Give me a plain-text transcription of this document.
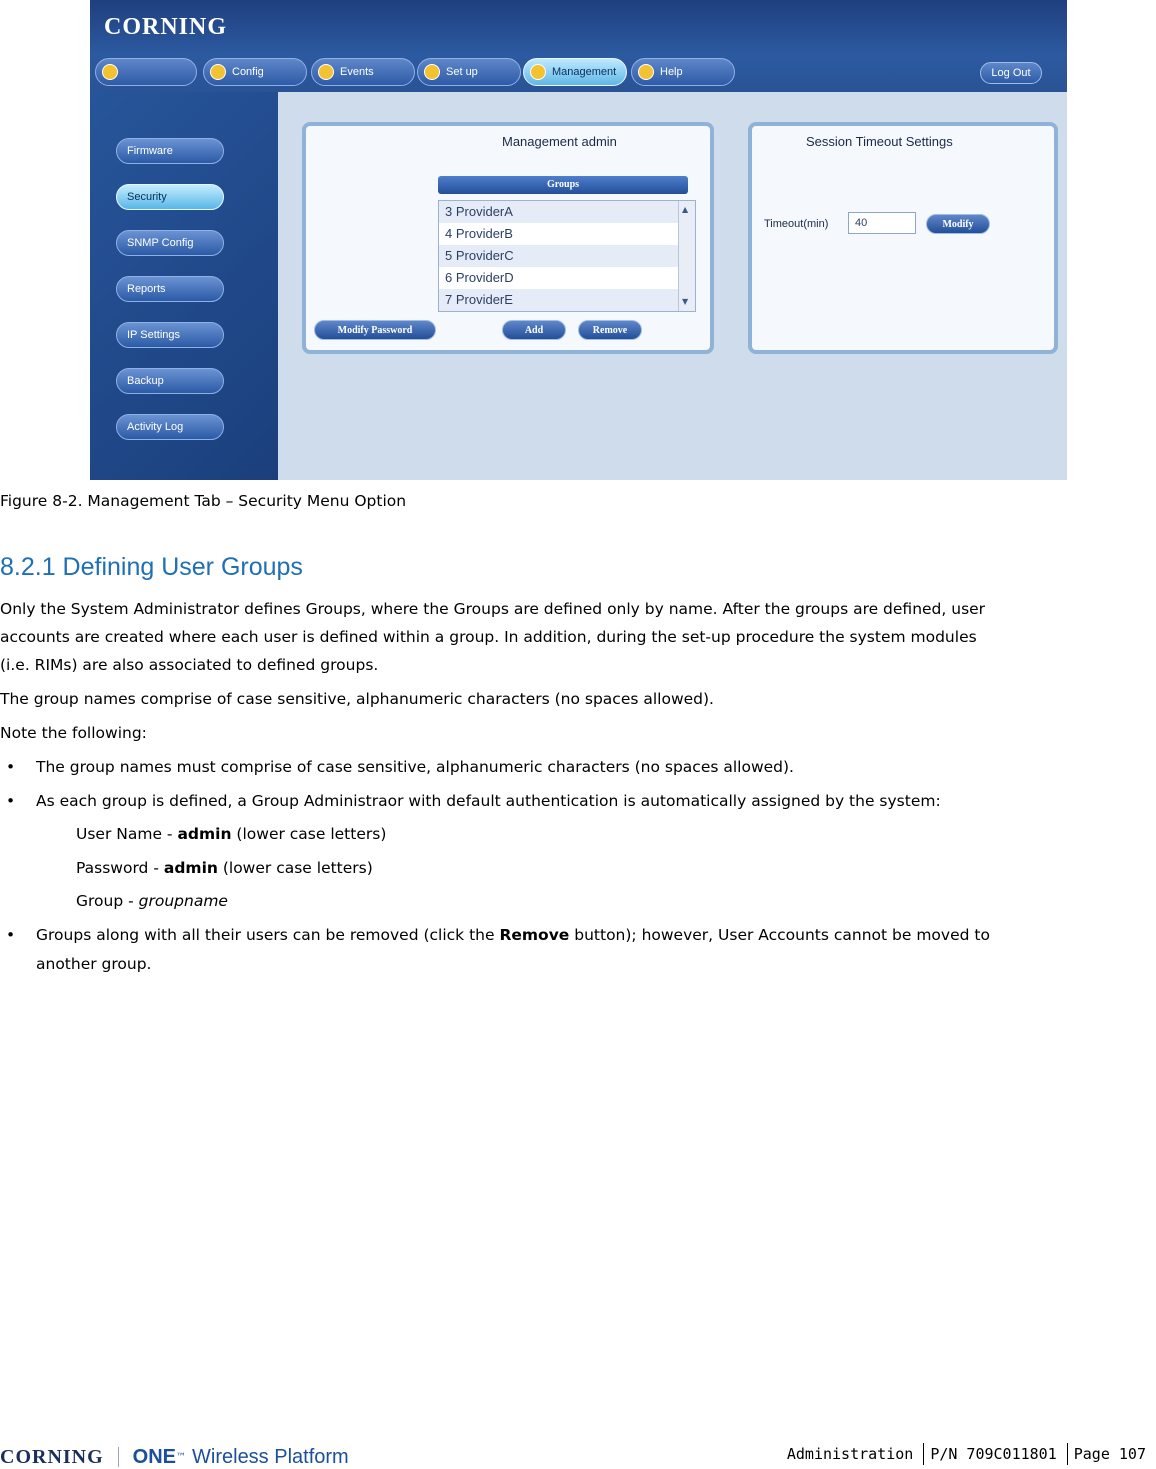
CORNING
Config	Events	Set up	Management	Help	Log Out
Firmware
Security
SNMP Config
Reports
IP Settings
Backup
Activity Log
Management admin
Groups
3 ProviderA
4 ProviderB
5 ProviderC
6 ProviderD
7 ProviderE
▲
▼
Modify Password	Add	Remove
Session Timeout Settings
Timeout(min)	40	Modify
Figure 8-2. Management Tab – Security Menu Option
8.2.1 Defining User Groups
Only the System Administrator defines Groups, where the Groups are defined only by name. After the groups are defined, user
accounts are created where each user is defined within a group. In addition, during the set-up procedure the system modules
(i.e. RIMs) are also associated to defined groups.
The group names comprise of case sensitive, alphanumeric characters (no spaces allowed).
Note the following:
• The group names must comprise of case sensitive, alphanumeric characters (no spaces allowed).
• As each group is defined, a Group Administraor with default authentication is automatically assigned by the system:
User Name - admin (lower case letters)
Password - admin (lower case letters)
Group - groupname
• Groups along with all their users can be removed (click the Remove button); however, User Accounts cannot be moved to
another group.
CORNING ONE ™ Wireless Platform	Administration P/N 709C011801 Page 107
